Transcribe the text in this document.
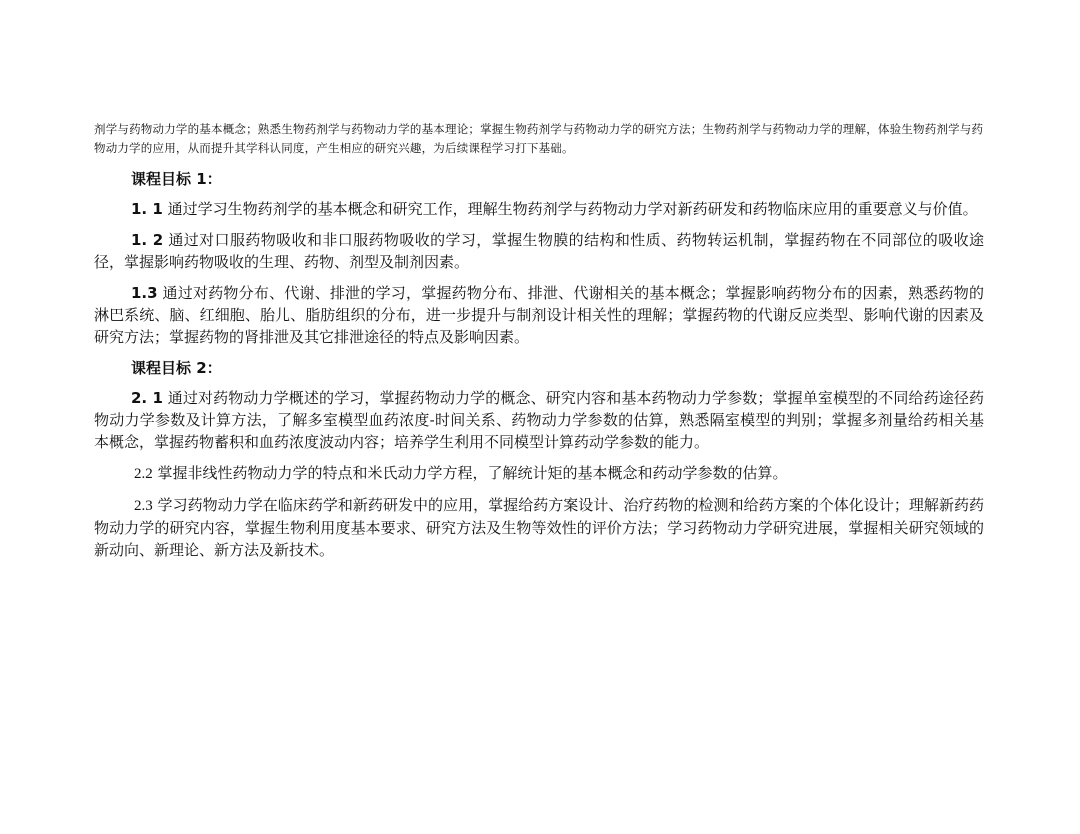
剂学与药物动力学的基本概念；熟悉生物药剂学与药物动力学的基本理论；掌握生物药剂学与药物动力学的研究方法；生物药剂学与药物动力学的理解，体验生物药剂学与药物动力学的应用，从而提升其学科认同度，产生相应的研究兴趣，为后续课程学习打下基础。

课程目标 1：

1. 1 通过学习生物药剂学的基本概念和研究工作，理解生物药剂学与药物动力学对新药研发和药物临床应用的重要意义与价值。

1. 2 通过对口服药物吸收和非口服药物吸收的学习，掌握生物膜的结构和性质、药物转运机制，掌握药物在不同部位的吸收途径，掌握影响药物吸收的生理、药物、剂型及制剂因素。

1.3 通过对药物分布、代谢、排泄的学习，掌握药物分布、排泄、代谢相关的基本概念；掌握影响药物分布的因素，熟悉药物的淋巴系统、脑、红细胞、胎儿、脂肪组织的分布，进一步提升与制剂设计相关性的理解；掌握药物的代谢反应类型、影响代谢的因素及研究方法；掌握药物的肾排泄及其它排泄途径的特点及影响因素。

课程目标 2：

2. 1 通过对药物动力学概述的学习，掌握药物动力学的概念、研究内容和基本药物动力学参数；掌握单室模型的不同给药途径药物动力学参数及计算方法，了解多室模型血药浓度-时间关系、药物动力学参数的估算，熟悉隔室模型的判别；掌握多剂量给药相关基本概念，掌握药物蓄积和血药浓度波动内容；培养学生利用不同模型计算药动学参数的能力。

2.2 掌握非线性药物动力学的特点和米氏动力学方程，了解统计矩的基本概念和药动学参数的估算。

2.3 学习药物动力学在临床药学和新药研发中的应用，掌握给药方案设计、治疗药物的检测和给药方案的个体化设计；理解新药药物动力学的研究内容，掌握生物利用度基本要求、研究方法及生物等效性的评价方法；学习药物动力学研究进展，掌握相关研究领域的新动向、新理论、新方法及新技术。
